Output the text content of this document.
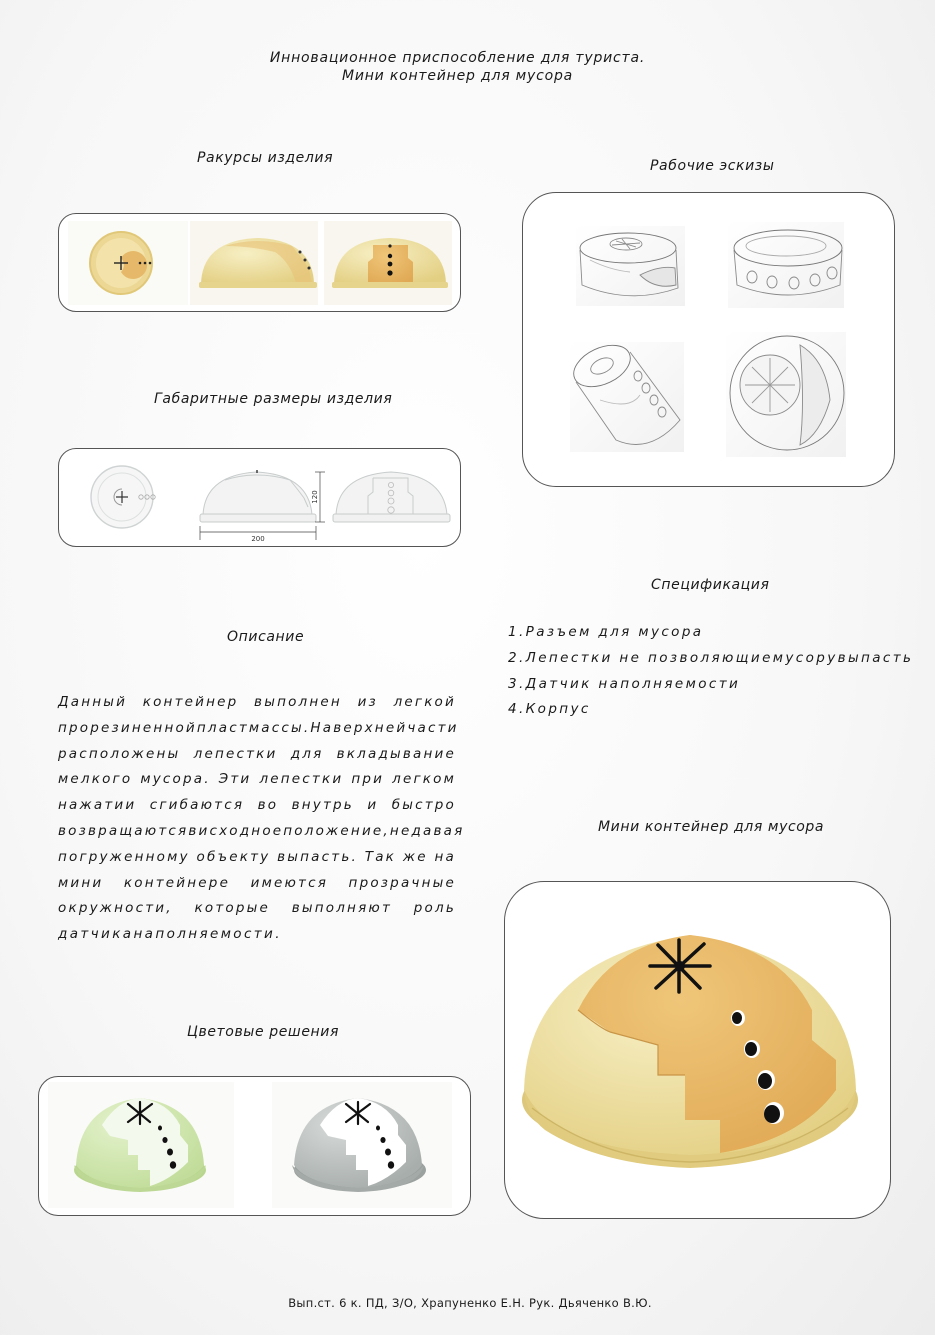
Инновационное приспособление для туриста.
Мини контейнер для мусора
Ракурсы изделия	Рабочие эскизы
Габаритные размеры изделия
Спецификация
Описание
Мини контейнер для мусора
Цветовые решения
200
120
Данный контейнер выполнен из легкой
прорезиненнойпластмассы.Наверхнейчасти
расположены лепестки для вкладывание
мелкого мусора. Эти лепестки при легком
нажатии сгибаются во внутрь и быстро
возвращаютсявисходноеположение,недавая
погруженному объекту выпасть. Так же на
мини контейнере имеются прозрачные
окружности, которые выполняют роль
датчиканаполняемости.
1.Разъем для мусора
2.Лепестки не позволяющиемусорувыпасть
3.Датчик наполняемости
4.Корпус
Вып.ст. 6 к. ПД, З/О, Храпуненко Е.Н. Рук. Дьяченко В.Ю.
